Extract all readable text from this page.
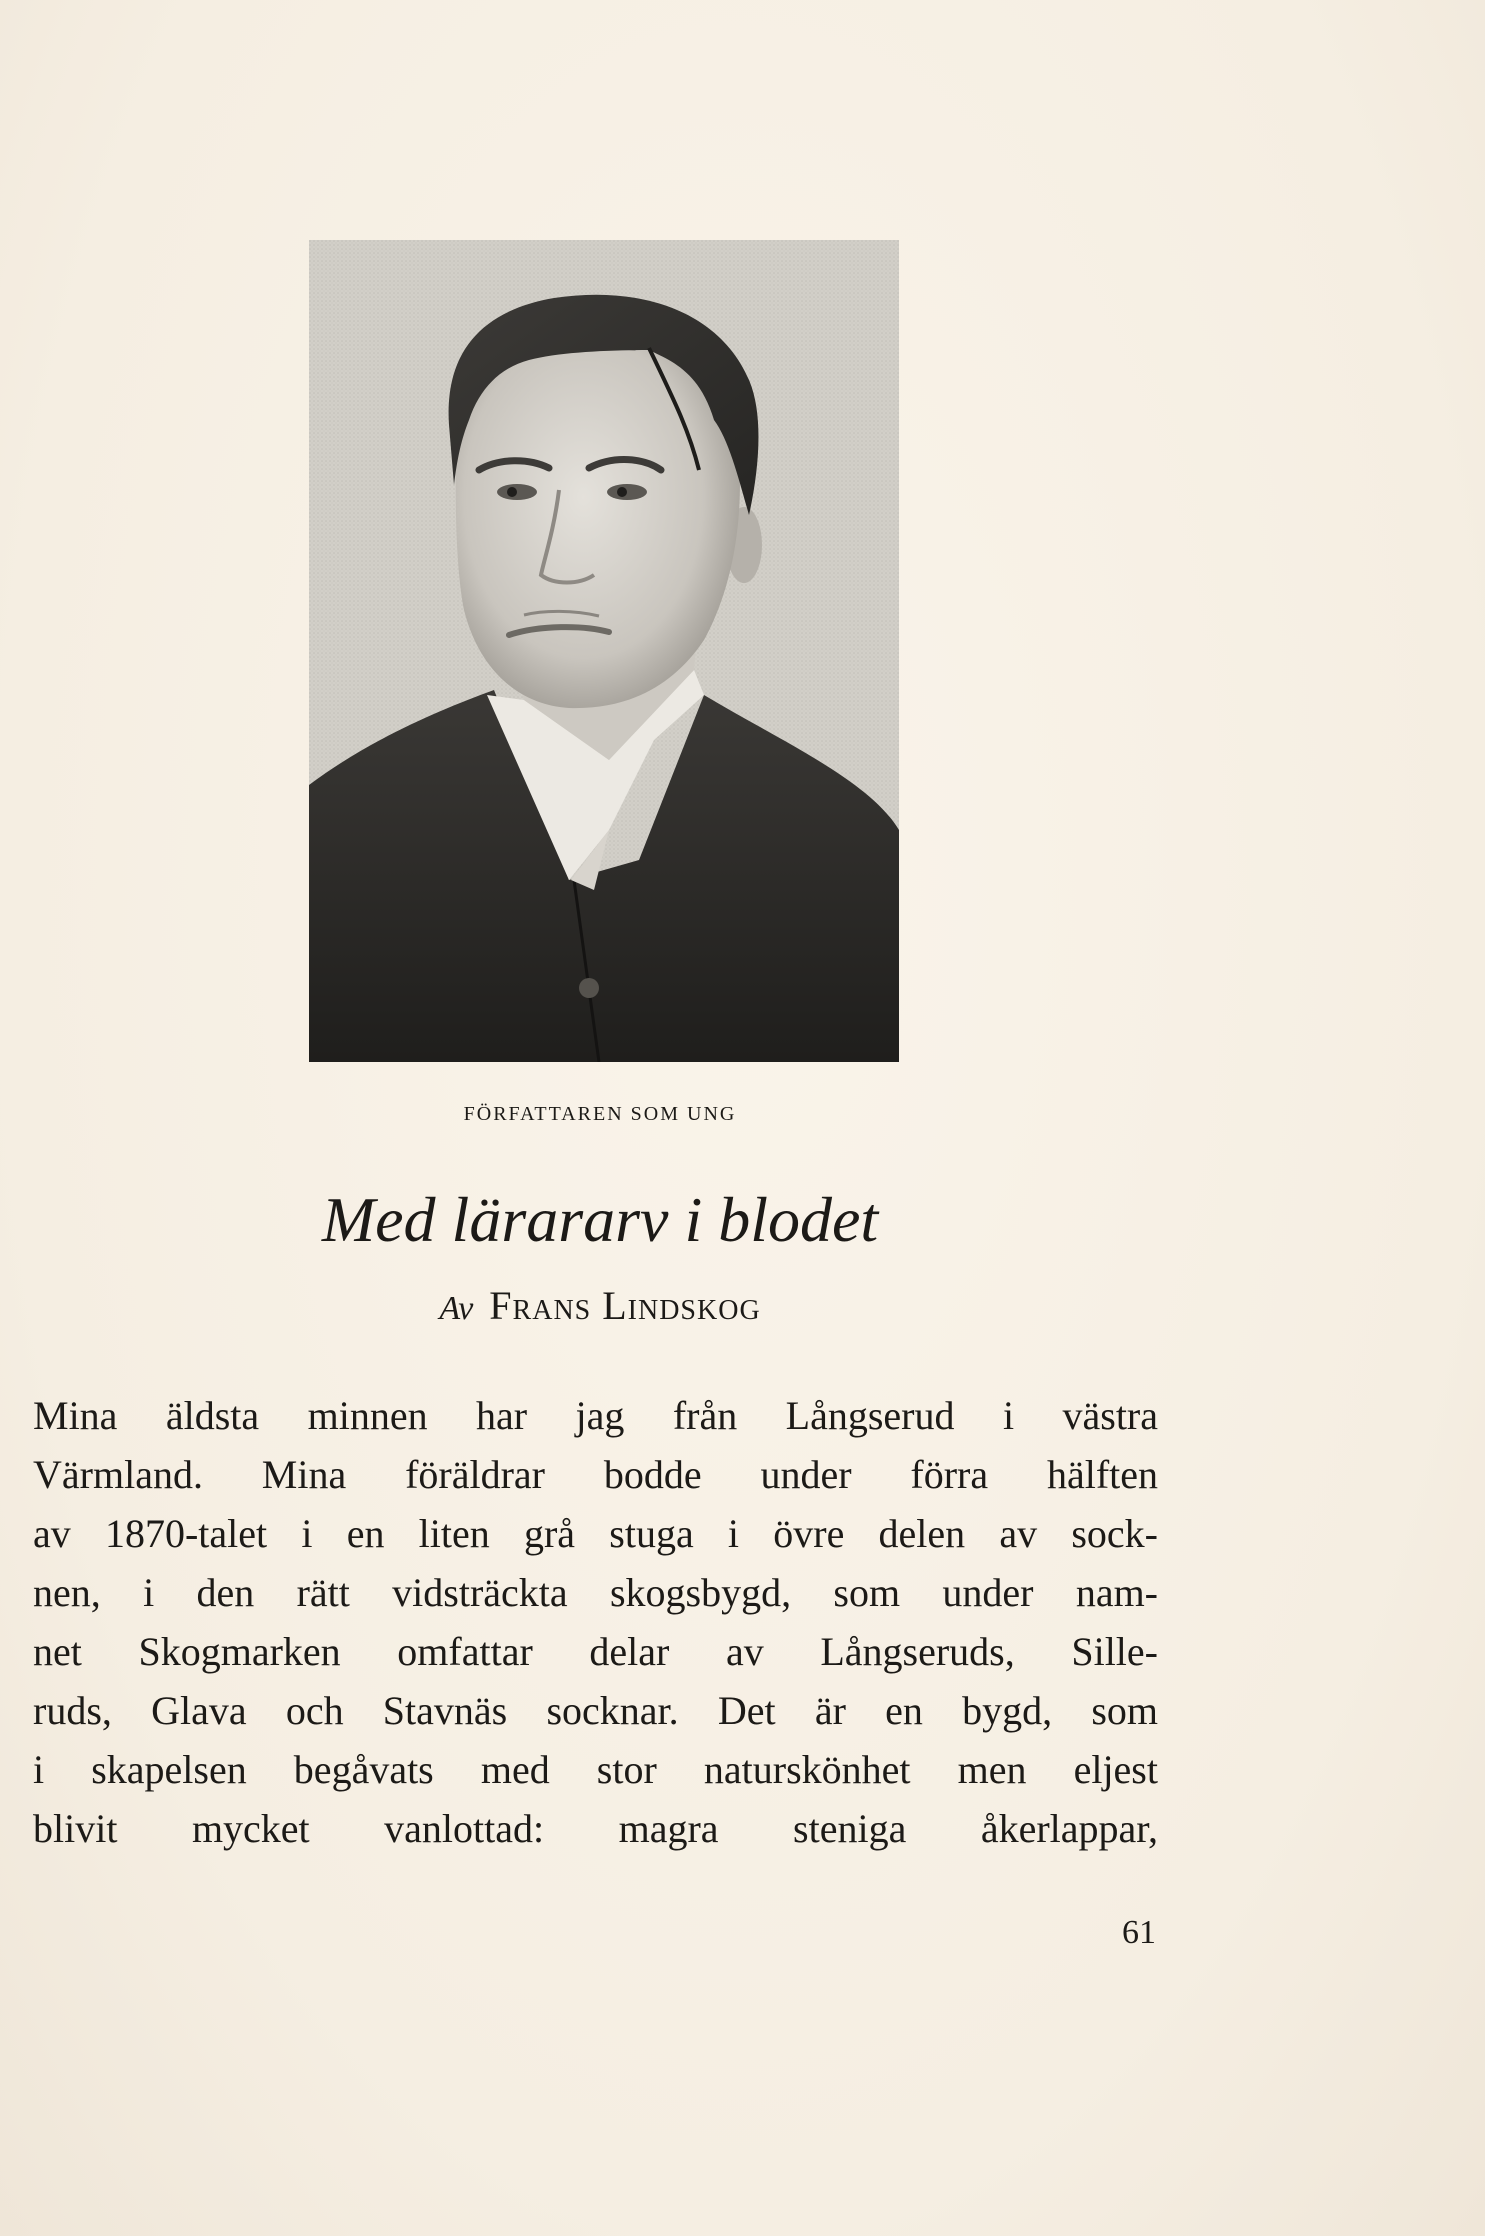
FÖRFATTAREN SOM UNG
Med lärararv i blodet
Av Frans Lindskog
Mina äldsta minnen har jag från Långserud i västra
Värmland. Mina föräldrar bodde under förra hälften
av 1870-talet i en liten grå stuga i övre delen av sock-
nen, i den rätt vidsträckta skogsbygd, som under nam-
net Skogmarken omfattar delar av Långseruds, Sille-
ruds, Glava och Stavnäs socknar. Det är en bygd, som
i skapelsen begåvats med stor naturskönhet men eljest
blivit mycket vanlottad: magra steniga åkerlappar,
61
